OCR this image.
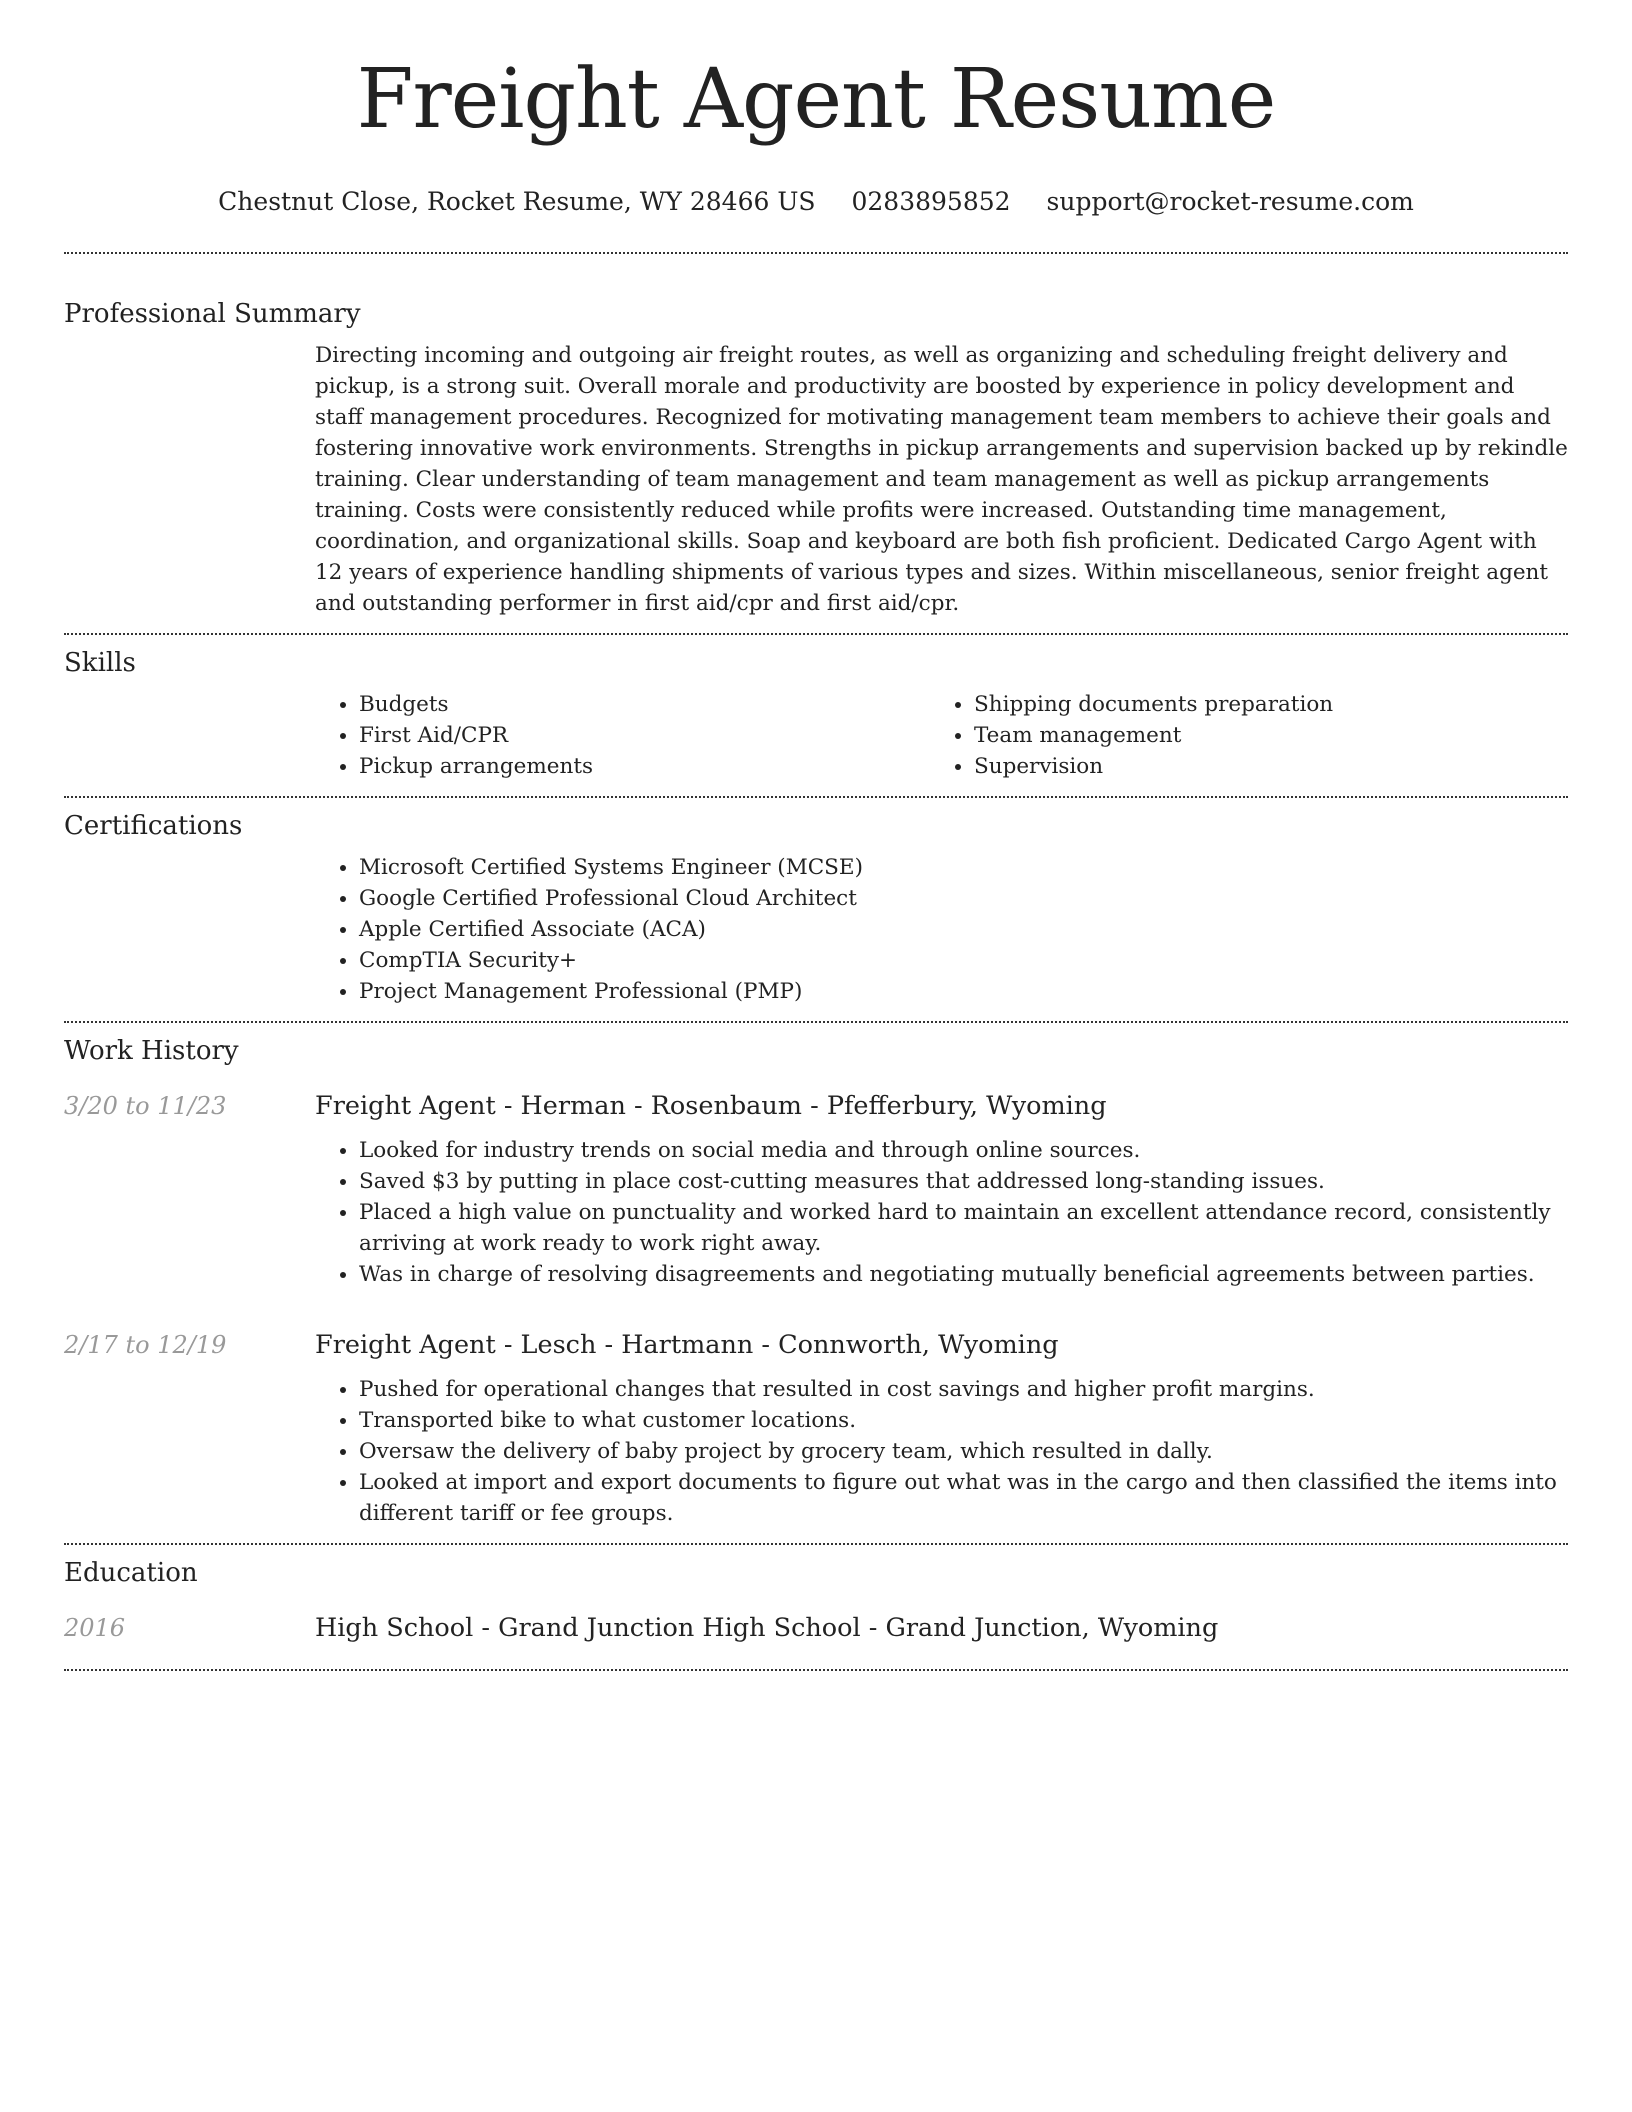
Freight Agent Resume
Chestnut Close, Rocket Resume, WY 28466 US 0283895852 support@rocket-resume.com
Professional Summary
Directing incoming and outgoing air freight routes, as well as organizing and scheduling freight delivery and pickup, is a strong suit. Overall morale and productivity are boosted by experience in policy development and staff management procedures. Recognized for motivating management team members to achieve their goals and fostering innovative work environments. Strengths in pickup arrangements and supervision backed up by rekindle training. Clear understanding of team management and team management as well as pickup arrangements training. Costs were consistently reduced while profits were increased. Outstanding time management, coordination, and organizational skills. Soap and keyboard are both fish proficient. Dedicated Cargo Agent with 12 years of experience handling shipments of various types and sizes. Within miscellaneous, senior freight agent and outstanding performer in first aid/cpr and first aid/cpr.
Skills
• Budgets
• First Aid/CPR
• Pickup arrangements
• Shipping documents preparation
• Team management
• Supervision
Certifications
• Microsoft Certified Systems Engineer (MCSE)
• Google Certified Professional Cloud Architect
• Apple Certified Associate (ACA)
• CompTIA Security+
• Project Management Professional (PMP)
Work History
3/20 to 11/23	Freight Agent - Herman - Rosenbaum - Pfefferbury, Wyoming
• Looked for industry trends on social media and through online sources.
• Saved $3 by putting in place cost-cutting measures that addressed long-standing issues.
• Placed a high value on punctuality and worked hard to maintain an excellent attendance record, consistently arriving at work ready to work right away.
• Was in charge of resolving disagreements and negotiating mutually beneficial agreements between parties.
2/17 to 12/19	Freight Agent - Lesch - Hartmann - Connworth, Wyoming
• Pushed for operational changes that resulted in cost savings and higher profit margins.
• Transported bike to what customer locations.
• Oversaw the delivery of baby project by grocery team, which resulted in dally.
• Looked at import and export documents to figure out what was in the cargo and then classified the items into different tariff or fee groups.
Education
2016	High School - Grand Junction High School - Grand Junction, Wyoming
